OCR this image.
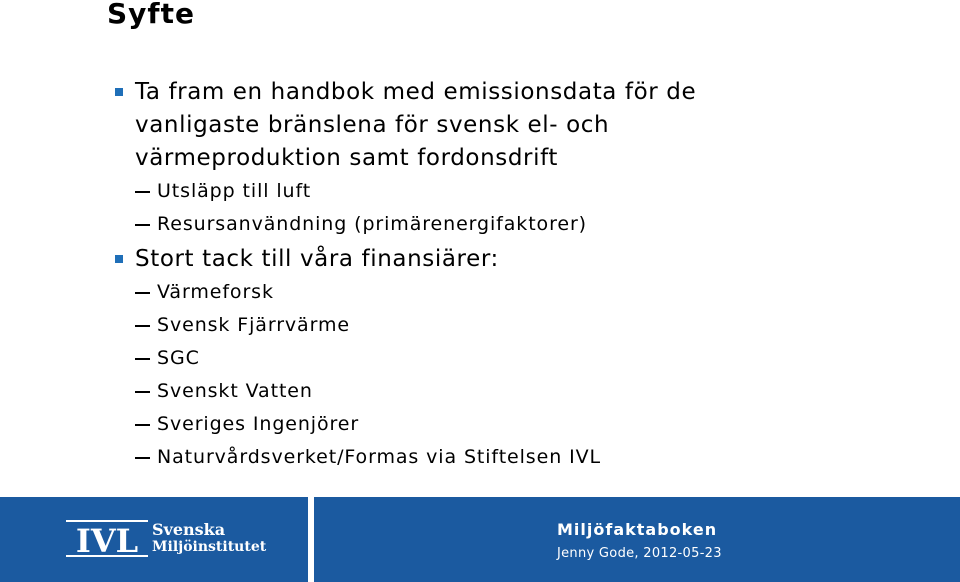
Syfte
Ta fram en handbok med emissionsdata för de
vanligaste bränslena för svensk el- och
värmeproduktion samt fordonsdrift
Utsläpp till luft
Resursanvändning (primärenergifaktorer)
Stort tack till våra finansiärer:
Värmeforsk
Svensk Fjärrvärme
SGC
Svenskt Vatten
Sveriges Ingenjörer
Naturvårdsverket/Formas via Stiftelsen IVL
IVL Svenska
Miljöinstitutet
Miljöfaktaboken
Jenny Gode, 2012-05-23
